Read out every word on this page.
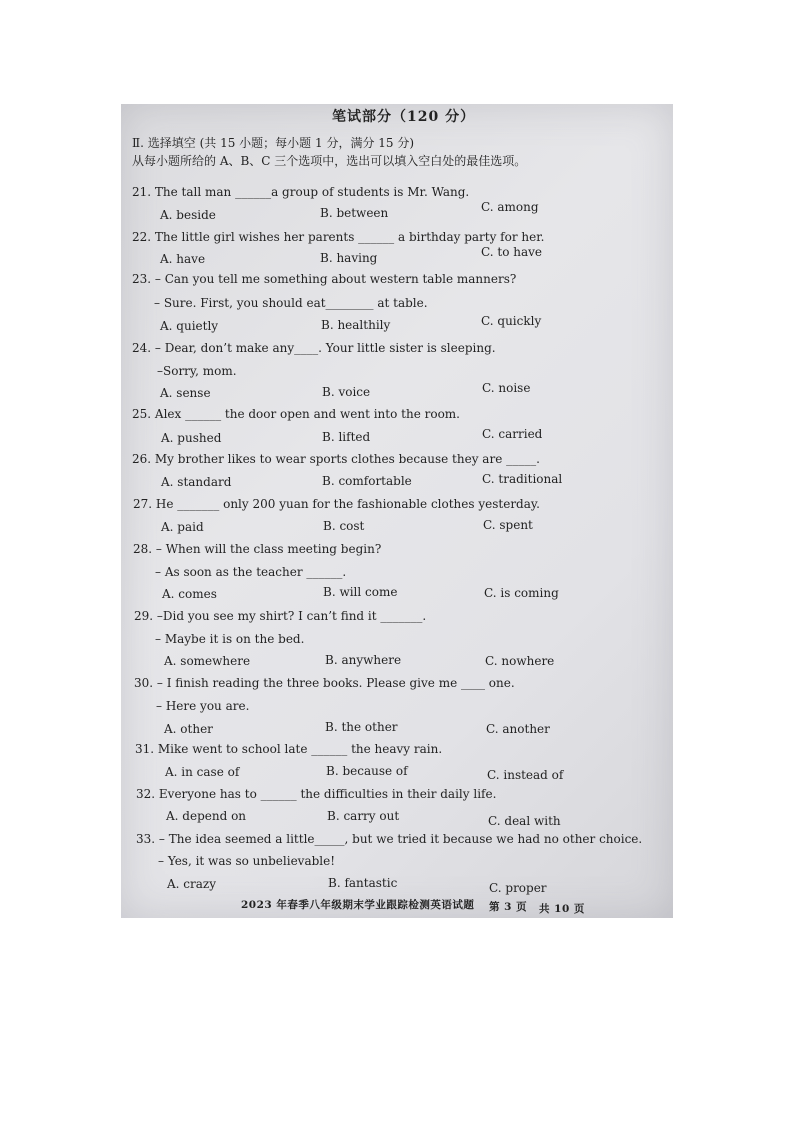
笔试部分（120 分）
Ⅱ. 选择填空 (共 15 小题；每小题 1 分，满分 15 分)
从每小题所给的 A、B、C 三个选项中，选出可以填入空白处的最佳选项。
21. The tall man ______a group of students is Mr. Wang.
A. beside	B. between	C. among
22. The little girl wishes her parents ______ a birthday party for her.
A. have	B. having	C. to have
23. – Can you tell me something about western table manners?
– Sure. First, you should eat________ at table.
A. quietly	B. healthily	C. quickly
24. – Dear, don’t make any____. Your little sister is sleeping.
–Sorry, mom.
A. sense	B. voice	C. noise
25. Alex ______ the door open and went into the room.
A. pushed	B. lifted	C. carried
26. My brother likes to wear sports clothes because they are _____.
A. standard	B. comfortable	C. traditional
27. He _______ only 200 yuan for the fashionable clothes yesterday.
A. paid	B. cost	C. spent
28. – When will the class meeting begin?
– As soon as the teacher ______.
A. comes	B. will come	C. is coming
29. –Did you see my shirt? I can’t find it _______.
– Maybe it is on the bed.
A. somewhere	B. anywhere	C. nowhere
30. – I finish reading the three books. Please give me ____ one.
– Here you are.
A. other	B. the other	C. another
31. Mike went to school late ______ the heavy rain.
A. in case of	B. because of	C. instead of
32. Everyone has to ______ the difficulties in their daily life.
A. depend on	B. carry out	C. deal with
33. – The idea seemed a little_____, but we tried it because we had no other choice.
– Yes, it was so unbelievable!
A. crazy	B. fantastic	C. proper
2023 年春季八年级期末学业跟踪检测英语试题 第 3 页 共 10 页
